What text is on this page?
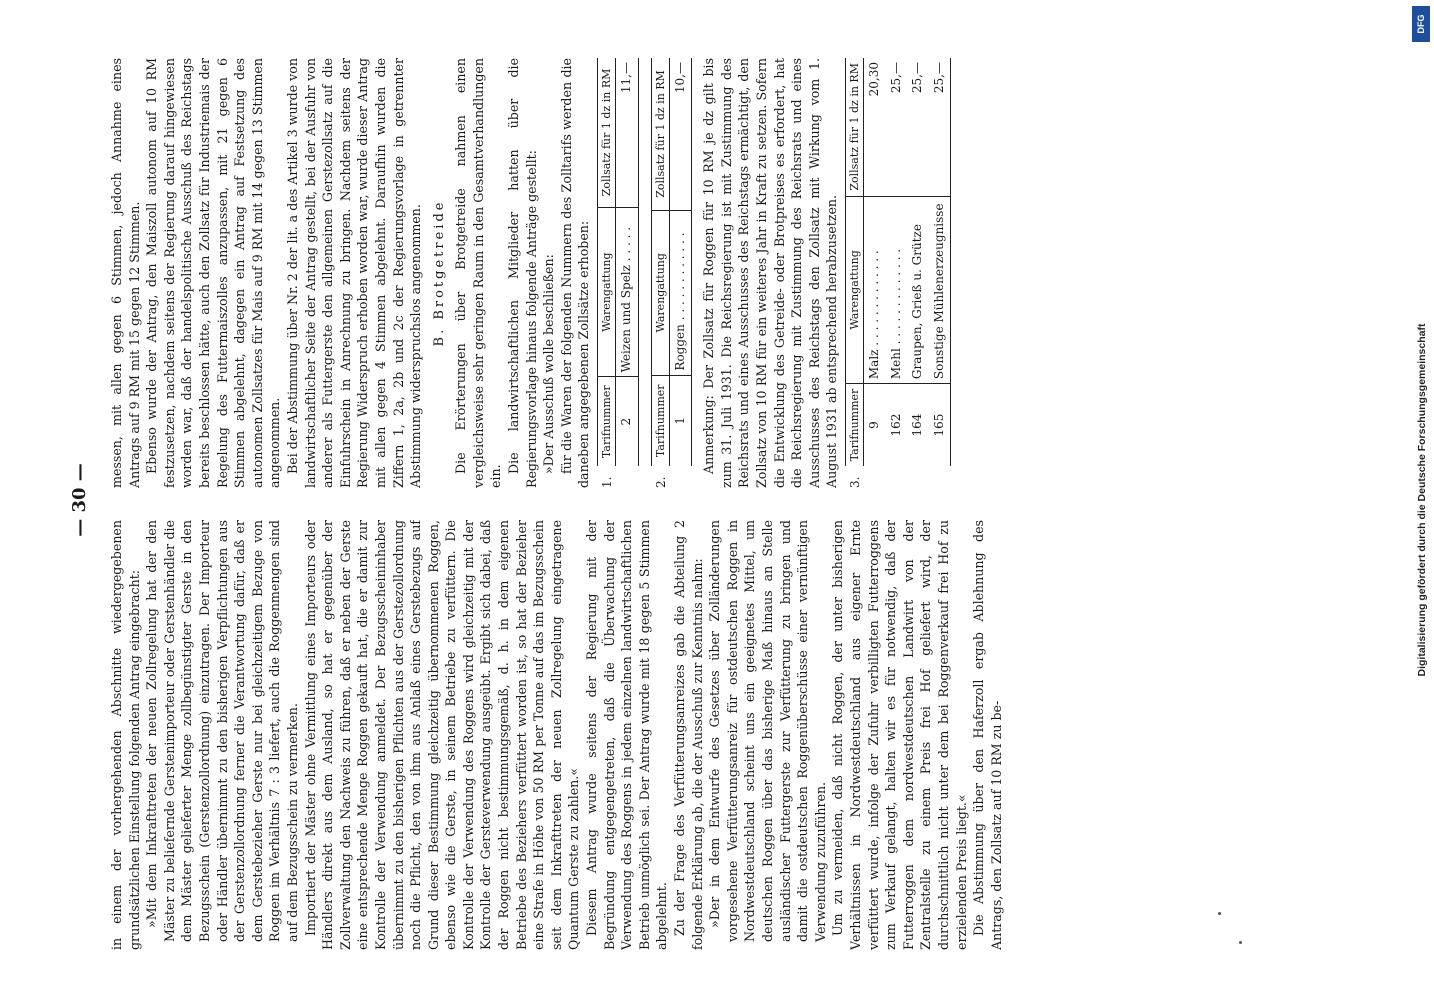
— 30 —

in einem der vorhergehenden Abschnitte wiedergegebenen grundsätzlichen Einstellung folgenden Antrag eingebracht: »Mit dem Inkrafttreten der neuen Zollregelung hat der den Mäster zu beliefernde Gerstenimporteur oder Gerstenhändler die dem Mäster gelieferter Menge zollbegünstigter Gerste in den Bezugsschein (Gerstenzollordnung) einzutragen. Der Importeur oder Händler übernimmt zu den bisherigen Verpflichtungen aus der Gerstenzollordnung ferner die Verantwortung dafür, daß er dem Gerstebezieher Gerste nur bei gleichzeitigem Bezuge von Roggen im Verhältnis 7 : 3 liefert, auch die Roggenmengen sind auf dem Bezugsschein zu vermerken. Importiert der Mäster ohne Vermittlung eines Importeurs oder Händlers direkt aus dem Ausland, so hat er gegenüber der Zollverwaltung den Nachweis zu führen, daß er neben der Gerste eine entsprechende Menge Roggen gekauft hat, die er damit zur Kontrolle der Verwendung anmeldet. Der Bezugsscheininhaber übernimmt zu den bisherigen Pflichten aus der Gerstezollordnung noch die Pflicht, den von ihm aus Anlaß eines Gerstebezugs auf Grund dieser Bestimmung gleichzeitig übernommenen Roggen, ebenso wie die Gerste, in seinem Betriebe zu verfüttern. Die Kontrolle der Verwendung des Roggens wird gleichzeitig mit der Kontrolle der Gersteverwendung ausgeübt. Ergibt sich dabei, daß der Roggen nicht bestimmungsgemäß, d. h. in dem eigenen Betriebe des Beziehers verfüttert worden ist, so hat der Bezieher eine Strafe in Höhe von 50 RM per Tonne auf das im Bezugsschein seit dem Inkrafttreten der neuen Zollregelung eingetragene Quantum Gerste zu zahlen.« Diesem Antrag wurde seitens der Regierung mit der Begründung entgegengetreten, daß die Überwachung der Verwendung des Roggens in jedem einzelnen landwirtschaftlichen Betrieb unmöglich sei. Der Antrag wurde mit 18 gegen 5 Stimmen abgelehnt. Zu der Frage des Verfütterungsanreizes gab die Abteilung 2 folgende Erklärung ab, die der Ausschuß zur Kenntnis nahm: »Der in dem Entwurfe des Gesetzes über Zolländerungen vorgesehene Verfütterungsanreiz für ostdeutschen Roggen in Nordwestdeutschland scheint uns ein geeignetes Mittel, um deutschen Roggen über das bisherige Maß hinaus an Stelle ausländischer Futtergerste zur Verfütterung zu bringen und damit die ostdeutschen Roggenüberschüsse einer vernünftigen Verwendung zuzuführen. Um zu vermeiden, daß nicht Roggen, der unter bisherigen Verhältnissen in Nordwestdeutschland aus eigener Ernte verfüttert wurde, infolge der Zufuhr verbilligten Futterroggens zum Verkauf gelangt, halten wir es für notwendig, daß der Futterroggen dem nordwestdeutschen Landwirt von der Zentralstelle zu einem Preis frei Hof geliefert wird, der durchschnittlich nicht unter dem bei Roggenverkauf frei Hof zu erzielenden Preis liegt.« Die Abstimmung über den Haferzoll ergab Ablehnung des Antrags, den Zollsatz auf 10 RM zu be-

messen, mit allen gegen 6 Stimmen, jedoch Annahme eines Antrags auf 9 RM mit 15 gegen 12 Stimmen. Ebenso wurde der Antrag, den Maiszoll autonom auf 10 RM festzusetzen, nachdem seitens der Regierung darauf hingewiesen worden war, daß der handelspolitische Ausschuß des Reichstags bereits beschlossen hätte, auch den Zollsatz für Industriemais der Regelung des Futtermaiszolles anzupassen, mit 21 gegen 6 Stimmen abgelehnt, dagegen ein Antrag auf Festsetzung des autonomen Zollsatzes für Mais auf 9 RM mit 14 gegen 13 Stimmen angenommen. Bei der Abstimmung über Nr. 2 der lit. a des Artikel 3 wurde von landwirtschaftlicher Seite der Antrag gestellt, bei der Ausfuhr von anderer als Futtergerste den allgemeinen Gerstezollsatz auf die Einfuhrschein in Anrechnung zu bringen. Nachdem seitens der Regierung Widerspruch erhoben worden war, wurde dieser Antrag mit allen gegen 4 Stimmen abgelehnt. Daraufhin wurden die Ziffern 1, 2a, 2b und 2c der Regierungsvorlage in getrennter Abstimmung widerspruchslos angenommen. B. Brotgetreide Die Erörterungen über Brotgetreide nahmen einen vergleichsweise sehr geringen Raum in den Gesamtverhandlungen ein.

Die landwirtschaftlichen Mitglieder hatten über die Regierungsvorlage hinaus folgende Anträge gestellt: »Der Ausschuß wolle beschließen: für die Waren der folgenden Nummern des Zolltarifs werden die daneben angegebenen Zollsätze erhoben: 1.
Tarifnummer	Warengattung	Zollsatz für 1 dz in RM
2	Weizen und Spelz . . . . .	11,—
2.
Tarifnummer	Warengattung	Zollsatz für 1 dz in RM
1	Roggen . . . . . . . . . . . .	10,— Anmerkung: Der Zollsatz für Roggen für 10 RM je dz gilt bis zum 31. Juli 1931. Die Reichsregierung ist mit Zustimmung des Reichsrats und eines Ausschusses des Reichstags ermächtigt, den Zollsatz von 10 RM für ein weiteres Jahr in Kraft zu setzen. Sofern die Entwicklung des Getreide- oder Brotpreises es erfordert, hat die Reichsregierung mit Zustimmung des Reichsrats und eines Ausschusses des Reichstags den Zollsatz mit Wirkung vom 1. August 1931 ab entsprechend herabzusetzen. 3.
Tarifnummer	Warengattung	Zollsatz für 1 dz in RM
9	Malz . . . . . . . . . . . . .	20,30
162	Mehl . . . . . . . . . . . . .	25,—
164	Graupen, Grieß u. Grütze	25,—
165	Sonstige Mühlenerzeugnisse	25,—
DFG
Digitalisierung gefördert durch die Deutsche Forschungsgemeinschaft
